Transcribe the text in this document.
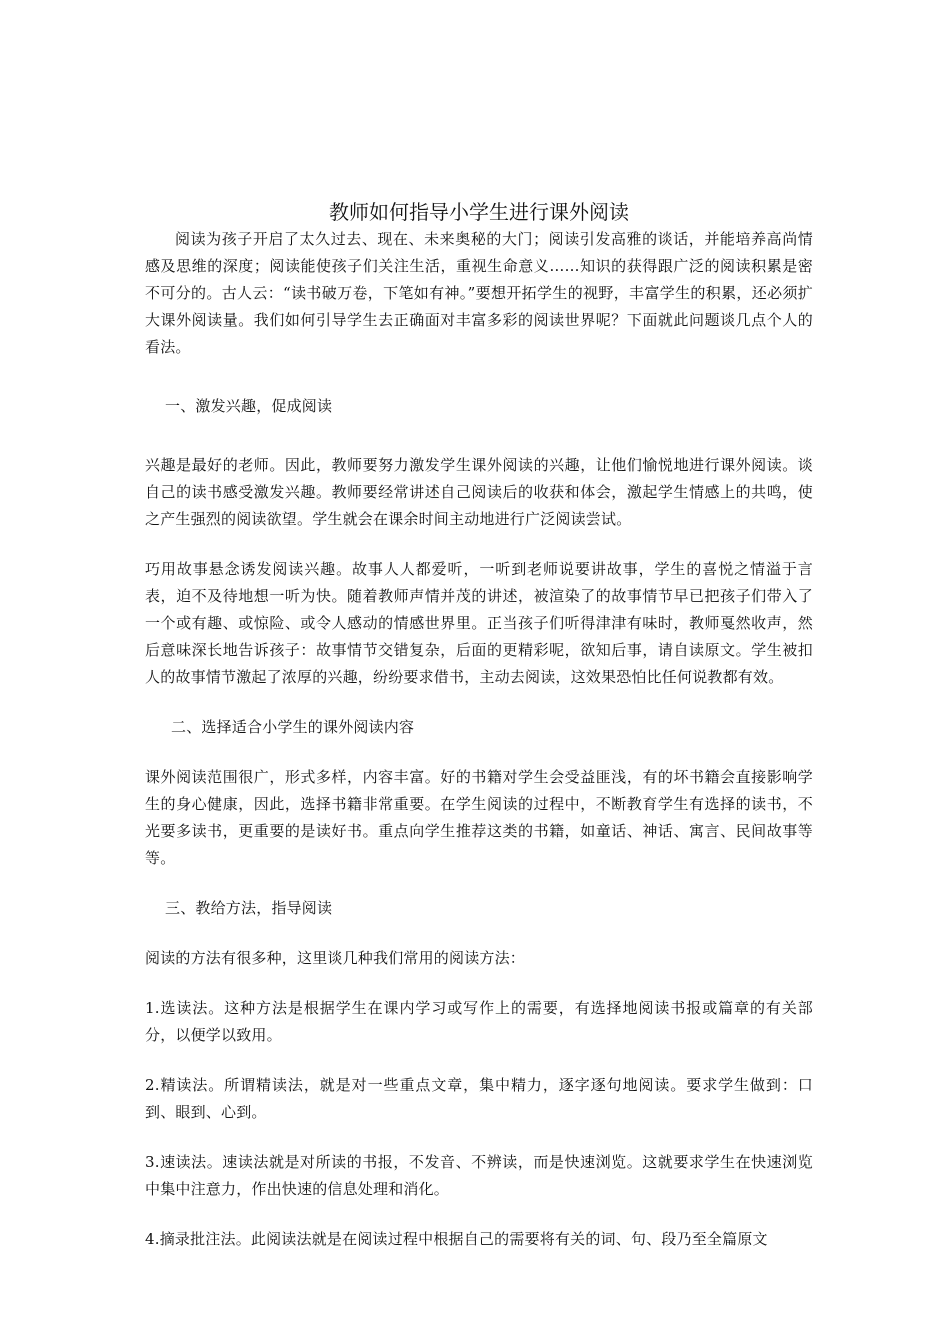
教师如何指导小学生进行课外阅读

阅读为孩子开启了太久过去、现在、未来奥秘的大门；阅读引发高雅的谈话，并能培养高尚情感及思维的深度；阅读能使孩子们关注生活，重视生命意义……知识的获得跟广泛的阅读积累是密不可分的。古人云：“读书破万卷，下笔如有神。”要想开拓学生的视野，丰富学生的积累，还必须扩大课外阅读量。我们如何引导学生去正确面对丰富多彩的阅读世界呢？下面就此问题谈几点个人的看法。

一、激发兴趣，促成阅读

兴趣是最好的老师。因此，教师要努力激发学生课外阅读的兴趣，让他们愉悦地进行课外阅读。谈自己的读书感受激发兴趣。教师要经常讲述自己阅读后的收获和体会，激起学生情感上的共鸣，使之产生强烈的阅读欲望。学生就会在课余时间主动地进行广泛阅读尝试。

巧用故事悬念诱发阅读兴趣。故事人人都爱听，一听到老师说要讲故事，学生的喜悦之情溢于言表，迫不及待地想一听为快。随着教师声情并茂的讲述，被渲染了的故事情节早已把孩子们带入了一个或有趣、或惊险、或令人感动的情感世界里。正当孩子们听得津津有味时，教师戛然收声，然后意味深长地告诉孩子：故事情节交错复杂，后面的更精彩呢，欲知后事，请自读原文。学生被扣人的故事情节激起了浓厚的兴趣，纷纷要求借书，主动去阅读，这效果恐怕比任何说教都有效。

二、选择适合小学生的课外阅读内容

课外阅读范围很广，形式多样，内容丰富。好的书籍对学生会受益匪浅，有的坏书籍会直接影响学生的身心健康，因此，选择书籍非常重要。在学生阅读的过程中，不断教育学生有选择的读书，不光要多读书，更重要的是读好书。重点向学生推荐这类的书籍，如童话、神话、寓言、民间故事等等。

三、教给方法，指导阅读

阅读的方法有很多种，这里谈几种我们常用的阅读方法：

1.选读法。这种方法是根据学生在课内学习或写作上的需要，有选择地阅读书报或篇章的有关部分，以便学以致用。

2.精读法。所谓精读法，就是对一些重点文章，集中精力，逐字逐句地阅读。要求学生做到：口到、眼到、心到。

3.速读法。速读法就是对所读的书报，不发音、不辨读，而是快速浏览。这就要求学生在快速浏览中集中注意力，作出快速的信息处理和消化。

4.摘录批注法。此阅读法就是在阅读过程中根据自己的需要将有关的词、句、段乃至全篇原文
